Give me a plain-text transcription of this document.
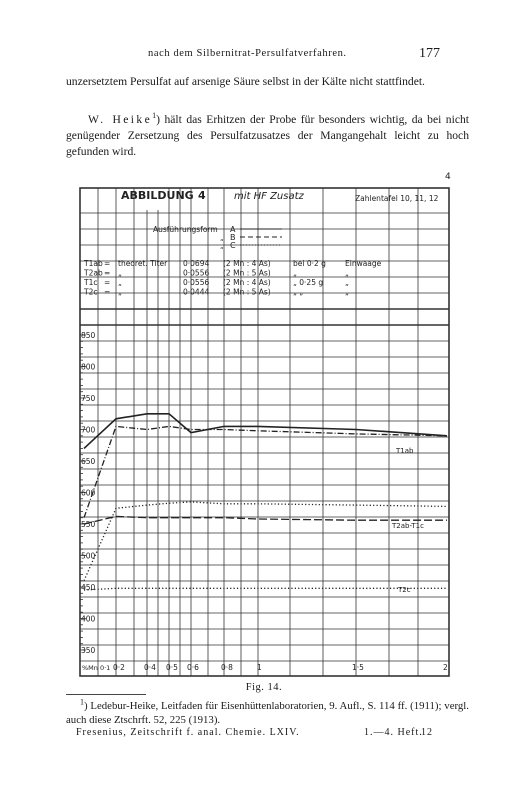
nach dem Silbernitrat-Persulfatverfahren.	177
unzersetztem Persulfat auf arsenige Säure selbst in der Kälte nicht stattfindet.
W. Heike$^1$) hält das Erhitzen der Probe für besonders wichtig, da bei nicht genügender Zersetzung des Persulfatzusatzes der Mangangehalt leicht zu hoch gefunden wird.
4
ABBILDUNG 4	mit HF Zusatz	Zahlentafel 10, 11, 12
Ausführungsform A
B
C
„
„
T1ab = theoret. Titer 0·0694 (2 Mn : 4 As)	bei 0·2 g	Einwaage
T2ab = „	0·0556 (2 Mn : 5 As)	„	„
T1c = „	0·0556 (2 Mn : 4 As)	„ 0·25 g	„
T2c = „	0·0444 (2 Mn : 5 As)	„ „	„
850
800
750
700
650
600
550
500
450
400
350
%Mn 0·1 0·2	0·4 0·5 0·6	0·8	1	1·5	2
T1ab
T2ab-T1c
T2c
Fig. 14.
$^1$) Ledebur-Heike, Leitfaden für Eisenhüttenlaboratorien, 9. Aufl., S. 114 ff. (1911); vergl. auch diese Ztschrft. 52, 225 (1913).
Fresenius, Zeitschrift f. anal. Chemie. LXIV.	1.—4. Heft.
12
